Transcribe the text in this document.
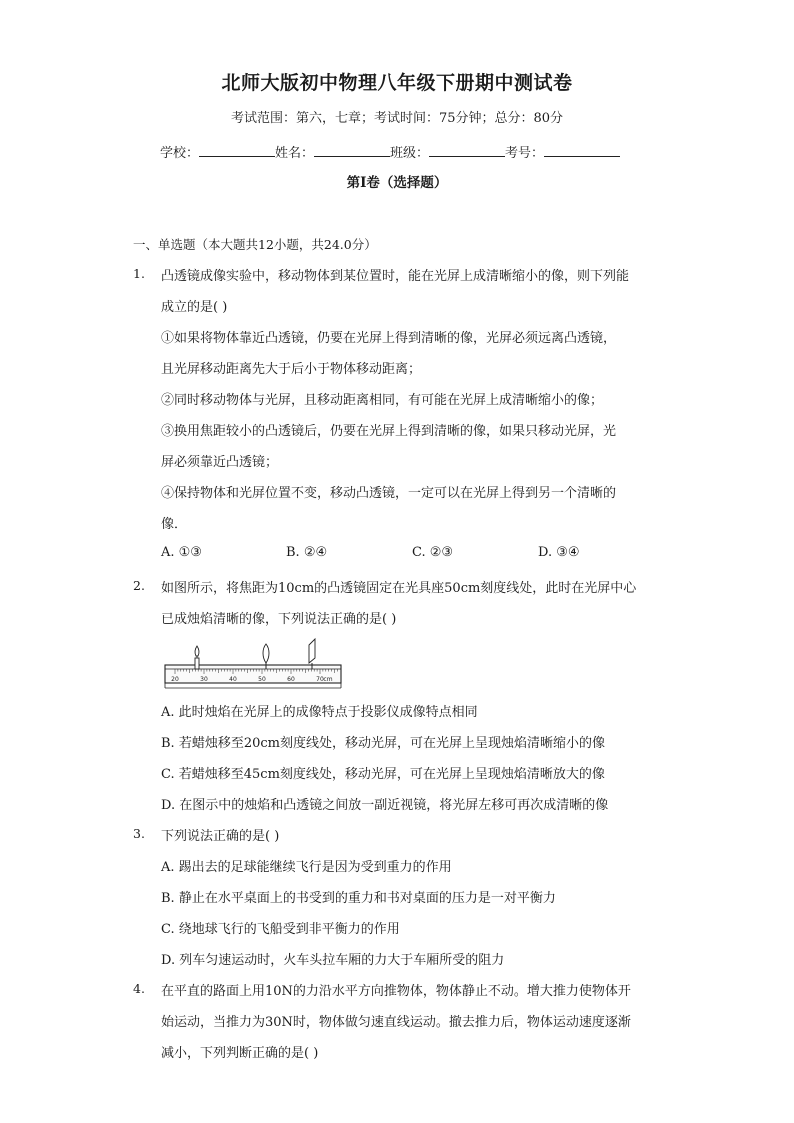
北师大版初中物理八年级下册期中测试卷
考试范围：第六，七章；考试时间：75分钟；总分：80分
学校：	姓名：	班级：	考号：
第I卷（选择题）
一、单选题（本大题共12小题，共24.0分）
1. 凸透镜成像实验中，移动物体到某位置时，能在光屏上成清晰缩小的像，则下列能
成立的是( )
①如果将物体靠近凸透镜，仍要在光屏上得到清晰的像，光屏必须远离凸透镜，
且光屏移动距离先大于后小于物体移动距离；
②同时移动物体与光屏，且移动距离相同，有可能在光屏上成清晰缩小的像；
③换用焦距较小的凸透镜后，仍要在光屏上得到清晰的像，如果只移动光屏，光
屏必须靠近凸透镜；
④保持物体和光屏位置不变，移动凸透镜，一定可以在光屏上得到另一个清晰的
像．
A. ①③	B. ②④	C. ②③	D. ③④
2. 如图所示，将焦距为10cm的凸透镜固定在光具座50cm刻度线处，此时在光屏中心
已成烛焰清晰的像，下列说法正确的是( )
20	30	40	50	60	70 cm
A. 此时烛焰在光屏上的成像特点于投影仪成像特点相同
B. 若蜡烛移至20cm刻度线处，移动光屏，可在光屏上呈现烛焰清晰缩小的像
C. 若蜡烛移至45cm刻度线处，移动光屏，可在光屏上呈现烛焰清晰放大的像
D. 在图示中的烛焰和凸透镜之间放一副近视镜，将光屏左移可再次成清晰的像
3. 下列说法正确的是( )
A. 踢出去的足球能继续飞行是因为受到重力的作用
B. 静止在水平桌面上的书受到的重力和书对桌面的压力是一对平衡力
C. 绕地球飞行的飞船受到非平衡力的作用
D. 列车匀速运动时，火车头拉车厢的力大于车厢所受的阻力
4. 在平直的路面上用10N的力沿水平方向推物体，物体静止不动。增大推力使物体开
始运动，当推力为30N时，物体做匀速直线运动。撤去推力后，物体运动速度逐渐
减小，下列判断正确的是( )
